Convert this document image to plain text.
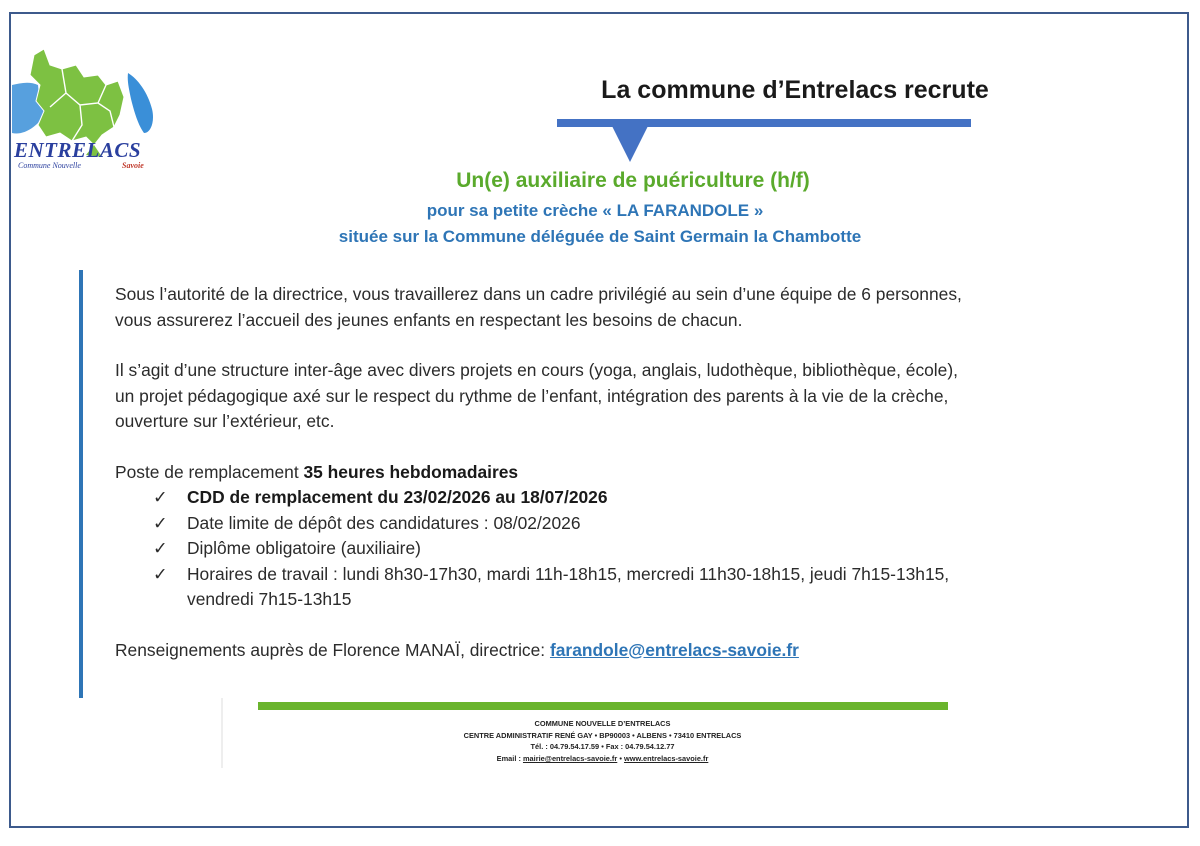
ENTRELACS
Commune Nouvelle	Savoie
La commune d’Entrelacs recrute
Un(e) auxiliaire de puériculture (h/f)
pour sa petite crèche « LA FARANDOLE »
située sur la Commune déléguée de Saint Germain la Chambotte

Sous l’autorité de la directrice, vous travaillerez dans un cadre privilégié au sein d’une équipe de 6 personnes,

vous assurerez l’accueil des jeunes enfants en respectant les besoins de chacun.

Il s’agit d’une structure inter-âge avec divers projets en cours (yoga, anglais, ludothèque, bibliothèque, école),

un projet pédagogique axé sur le respect du rythme de l’enfant, intégration des parents à la vie de la crèche,

ouverture sur l’extérieur, etc.

Poste de remplacement 35 heures hebdomadaires

✓ CDD de remplacement du 23/02/2026 au 18/07/2026
✓ Date limite de dépôt des candidatures : 08/02/2026
✓ Diplôme obligatoire (auxiliaire)
✓ Horaires de travail : lundi 8h30-17h30, mardi 11h-18h15, mercredi 11h30-18h15, jeudi 7h15-13h15,
vendredi 7h15-13h15

Renseignements auprès de Florence MANAÏ, directrice: farandole@entrelacs-savoie.fr

COMMUNE NOUVELLE D’ENTRELACS
CENTRE ADMINISTRATIF RENÉ GAY • BP90003 • ALBENS • 73410 ENTRELACS
Tél. : 04.79.54.17.59 • Fax : 04.79.54.12.77
Email : mairie@entrelacs-savoie.fr • www.entrelacs-savoie.fr
